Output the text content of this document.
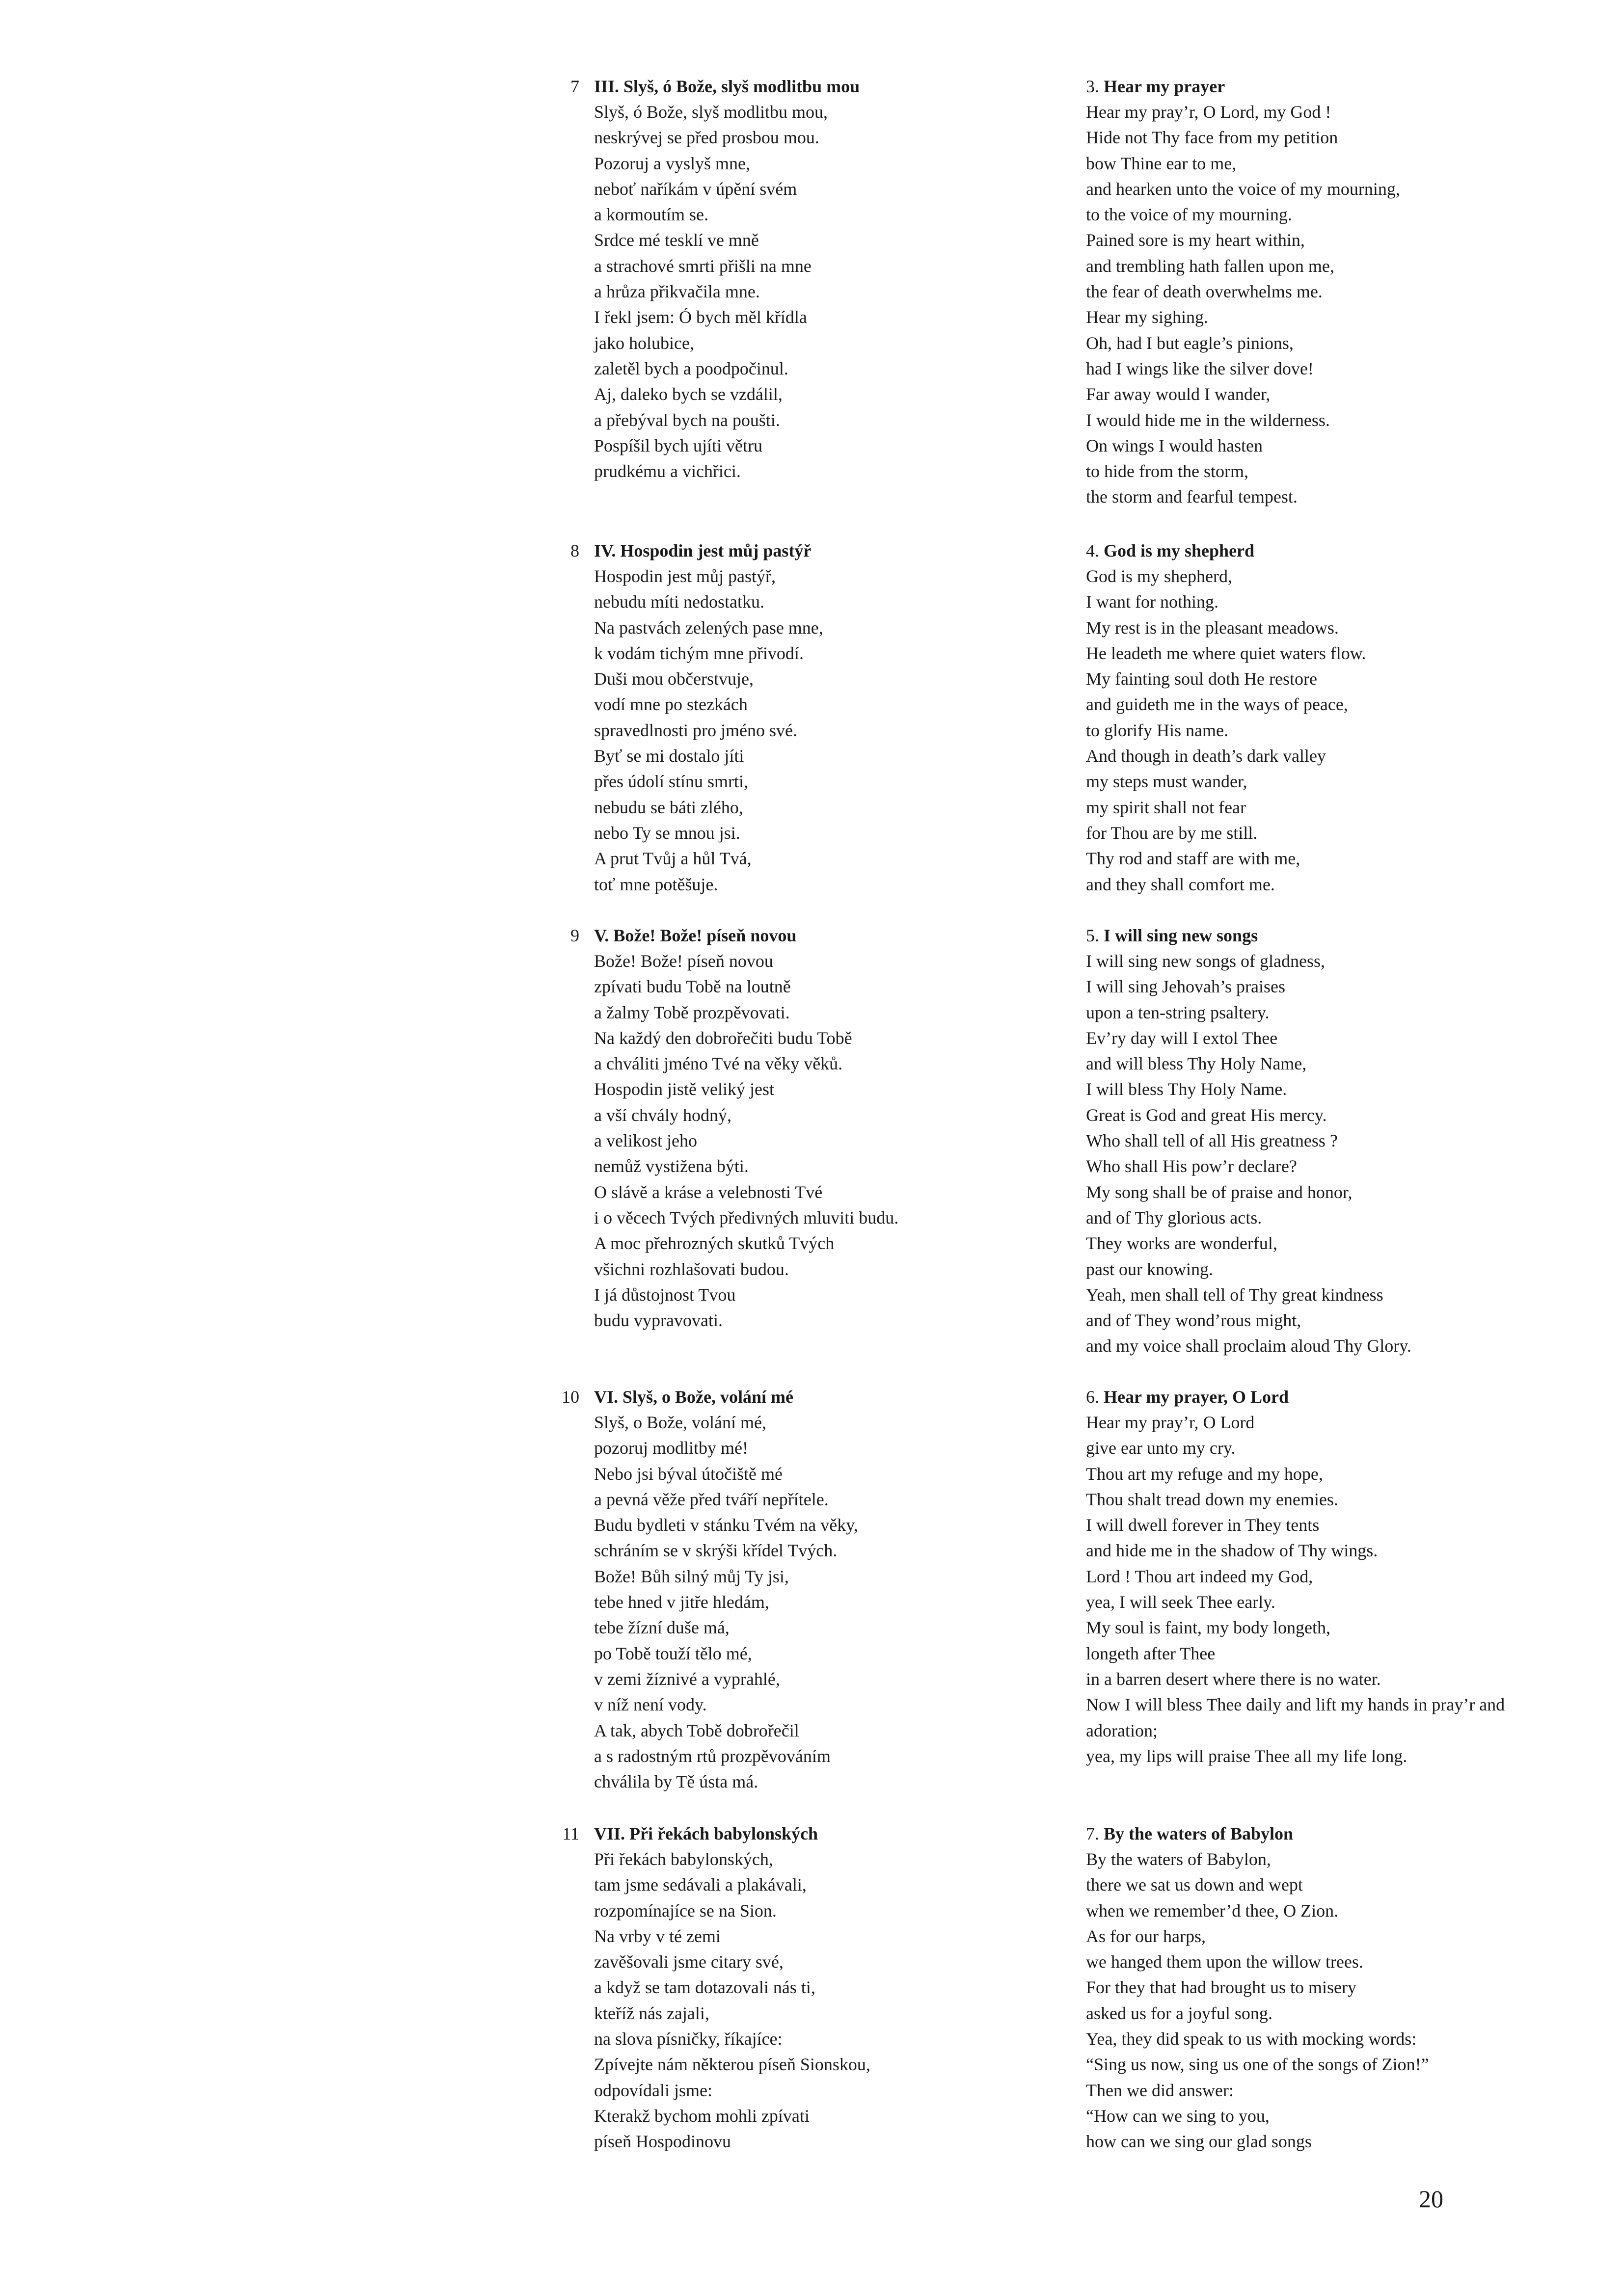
7 III. Slyš, ó Bože, slyš modlitbu mou
Slyš, ó Bože, slyš modlitbu mou,
neskrývej se před prosbou mou.
Pozoruj a vyslyš mne,
neboť naříkám v úpění svém
a kormoutím se.
Srdce mé tesklí ve mně
a strachové smrti přišli na mne
a hrůza přikvačila mne.
I řekl jsem: Ó bych měl křídla
jako holubice,
zaletěl bych a poodpočinul.
Aj, daleko bych se vzdálil,
a přebýval bych na poušti.
Pospíšil bych ujíti větru
prudkému a vichřici.
3. Hear my prayer
Hear my pray’r, O Lord, my God !
Hide not Thy face from my petition
bow Thine ear to me,
and hearken unto the voice of my mourning,
to the voice of my mourning.
Pained sore is my heart within,
and trembling hath fallen upon me,
the fear of death overwhelms me.
Hear my sighing.
Oh, had I but eagle’s pinions,
had I wings like the silver dove!
Far away would I wander,
I would hide me in the wilderness.
On wings I would hasten
to hide from the storm,
the storm and fearful tempest.
8 IV. Hospodin jest můj pastýř
Hospodin jest můj pastýř,
nebudu míti nedostatku.
Na pastvách zelených pase mne,
k vodám tichým mne přivodí.
Duši mou občerstvuje,
vodí mne po stezkách
spravedlnosti pro jméno své.
Byť se mi dostalo jíti
přes údolí stínu smrti,
nebudu se báti zlého,
nebo Ty se mnou jsi.
A prut Tvůj a hůl Tvá,
toť mne potěšuje.
4. God is my shepherd
God is my shepherd,
I want for nothing.
My rest is in the pleasant meadows.
He leadeth me where quiet waters flow.
My fainting soul doth He restore
and guideth me in the ways of peace,
to glorify His name.
And though in death’s dark valley
my steps must wander,
my spirit shall not fear
for Thou are by me still.
Thy rod and staff are with me,
and they shall comfort me.
9 V. Bože! Bože! píseň novou
Bože! Bože! píseň novou
zpívati budu Tobě na loutně
a žalmy Tobě prozpěvovati.
Na každý den dobrořečiti budu Tobě
a chváliti jméno Tvé na věky věků.
Hospodin jistě veliký jest
a vší chvály hodný,
a velikost jeho
nemůž vystižena býti.
O slávě a kráse a velebnosti Tvé
i o věcech Tvých předivných mluviti budu.
A moc přehrozných skutků Tvých
všichni rozhlašovati budou.
I já důstojnost Tvou
budu vypravovati.
5. I will sing new songs
I will sing new songs of gladness,
I will sing Jehovah’s praises
upon a ten-string psaltery.
Ev’ry day will I extol Thee
and will bless Thy Holy Name,
I will bless Thy Holy Name.
Great is God and great His mercy.
Who shall tell of all His greatness ?
Who shall His pow’r declare?
My song shall be of praise and honor,
and of Thy glorious acts.
They works are wonderful,
past our knowing.
Yeah, men shall tell of Thy great kindness
and of They wond’rous might,
and my voice shall proclaim aloud Thy Glory.
10 VI. Slyš, o Bože, volání mé
Slyš, o Bože, volání mé,
pozoruj modlitby mé!
Nebo jsi býval útočiště mé
a pevná věže před tváří nepřítele.
Budu bydleti v stánku Tvém na věky,
schráním se v skrýši křídel Tvých.
Bože! Bůh silný můj Ty jsi,
tebe hned v jitře hledám,
tebe žízní duše má,
po Tobě touží tělo mé,
v zemi žíznivé a vyprahlé,
v níž není vody.
A tak, abych Tobě dobrořečil
a s radostným rtů prozpěvováním
chválila by Tě ústa má.
6. Hear my prayer, O Lord
Hear my pray’r, O Lord
give ear unto my cry.
Thou art my refuge and my hope,
Thou shalt tread down my enemies.
I will dwell forever in They tents
and hide me in the shadow of Thy wings.
Lord ! Thou art indeed my God,
yea, I will seek Thee early.
My soul is faint, my body longeth,
longeth after Thee
in a barren desert where there is no water.
Now I will bless Thee daily and lift my hands in pray’r and
adoration;
yea, my lips will praise Thee all my life long.
11 VII. Při řekách babylonských
Při řekách babylonských,
tam jsme sedávali a plakávali,
rozpomínajíce se na Sion.
Na vrby v té zemi
zavěšovali jsme citary své,
a když se tam dotazovali nás ti,
kteříž nás zajali,
na slova písničky, říkajíce:
Zpívejte nám některou píseň Sionskou,
odpovídali jsme:
Kterakž bychom mohli zpívati
píseň Hospodinovu
7. By the waters of Babylon
By the waters of Babylon,
there we sat us down and wept
when we remember’d thee, O Zion.
As for our harps,
we hanged them upon the willow trees.
For they that had brought us to misery
asked us for a joyful song.
Yea, they did speak to us with mocking words:
“Sing us now, sing us one of the songs of Zion!”
Then we did answer:
“How can we sing to you,
how can we sing our glad songs
20
